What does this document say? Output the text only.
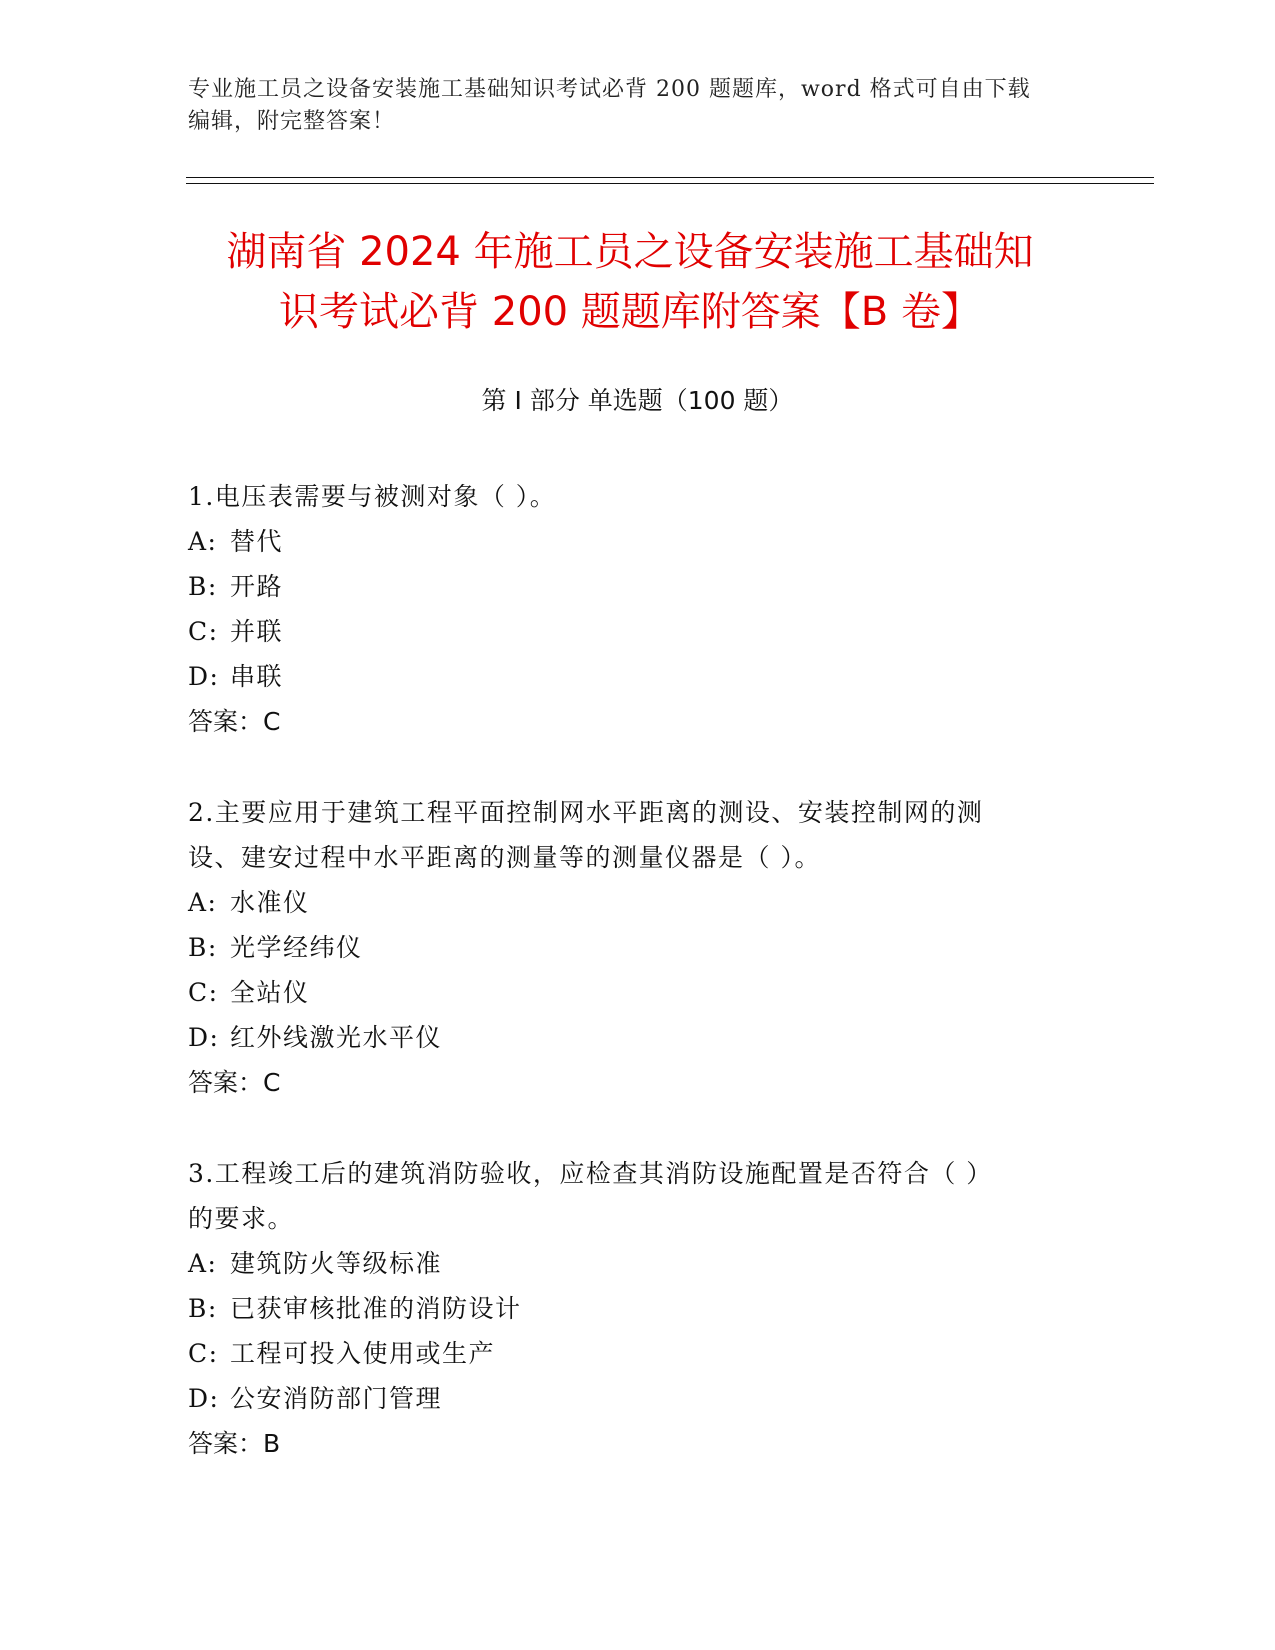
专业施工员之设备安装施工基础知识考试必背 200 题题库，word 格式可自由下载
编辑，附完整答案！
湖南省 2024 年施工员之设备安装施工基础知
识考试必背 200 题题库附答案【B 卷】
第 I 部分 单选题（100 题）
1.电压表需要与被测对象（ ）。
A: 替代
B: 开路
C: 并联
D: 串联
答案：C
2.主要应用于建筑工程平面控制网水平距离的测设、安装控制网的测
设、建安过程中水平距离的测量等的测量仪器是（ ）。
A: 水准仪
B: 光学经纬仪
C: 全站仪
D: 红外线激光水平仪
答案：C
3.工程竣工后的建筑消防验收，应检查其消防设施配置是否符合（ ）
的要求。
A: 建筑防火等级标准
B: 已获审核批准的消防设计
C: 工程可投入使用或生产
D: 公安消防部门管理
答案：B
